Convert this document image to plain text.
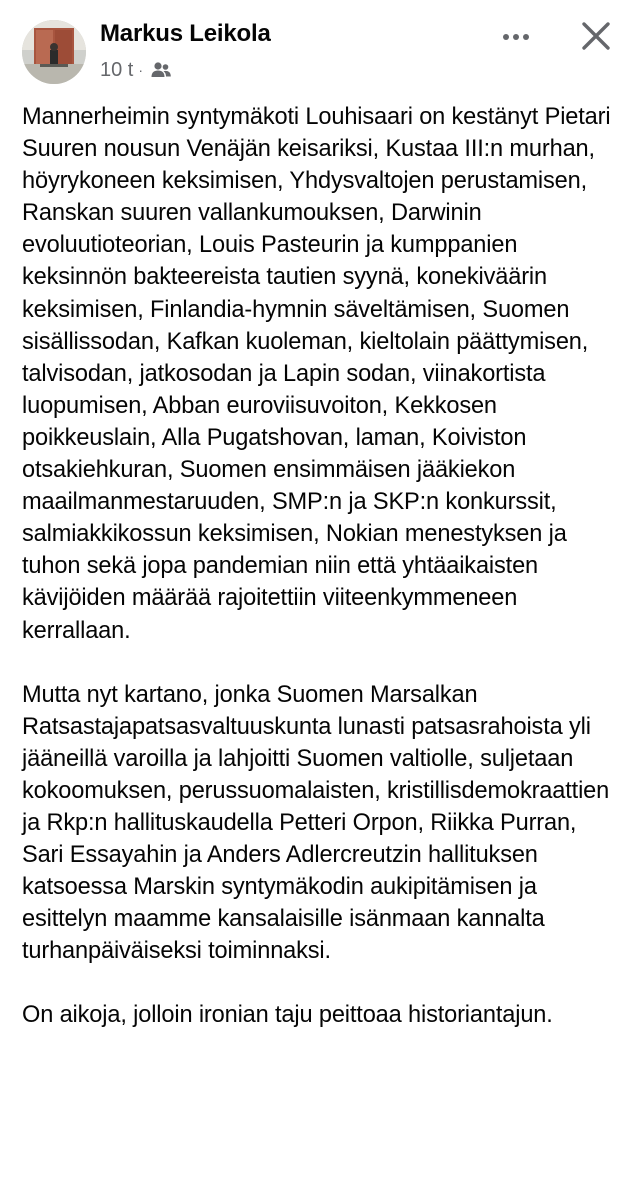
Markus Leikola
10 t ·

Mannerheimin syntymäkoti Louhisaari on kestänyt Pietari Suuren nousun Venäjän keisariksi, Kustaa III:n murhan, höyrykoneen keksimisen, Yhdysvaltojen perustamisen, Ranskan suuren vallankumouksen, Darwinin evoluutioteorian, Louis Pasteurin ja kumppanien keksinnön bakteereista tautien syynä, konekiväärin keksimisen, Finlandia-hymnin säveltämisen, Suomen sisällissodan, Kafkan kuoleman, kieltolain päättymisen, talvisodan, jatkosodan ja Lapin sodan, viinakortista luopumisen, Abban euroviisuvoiton, Kekkosen poikkeuslain, Alla Pugatshovan, laman, Koiviston otsakiehkuran, Suomen ensimmäisen jääkiekon maailmanmestaruuden, SMP:n ja SKP:n konkurssit, salmiakkikossun keksimisen, Nokian menestyksen ja tuhon sekä jopa pandemian niin että yhtäaikaisten kävijöiden määrää rajoitettiin viiteenkymmeneen kerrallaan.

Mutta nyt kartano, jonka Suomen Marsalkan Ratsastajapatsasvaltuuskunta lunasti patsasrahoista yli jääneillä varoilla ja lahjoitti Suomen valtiolle, suljetaan kokoomuksen, perussuomalaisten, kristillisdemokraattien ja Rkp:n hallituskaudella Petteri Orpon, Riikka Purran, Sari Essayahin ja Anders Adlercreutzin hallituksen katsoessa Marskin syntymäkodin aukipitämisen ja esittelyn maamme kansalaisille isänmaan kannalta turhanpäiväiseksi toiminnaksi.

On aikoja, jolloin ironian taju peittoaa historiantajun.
